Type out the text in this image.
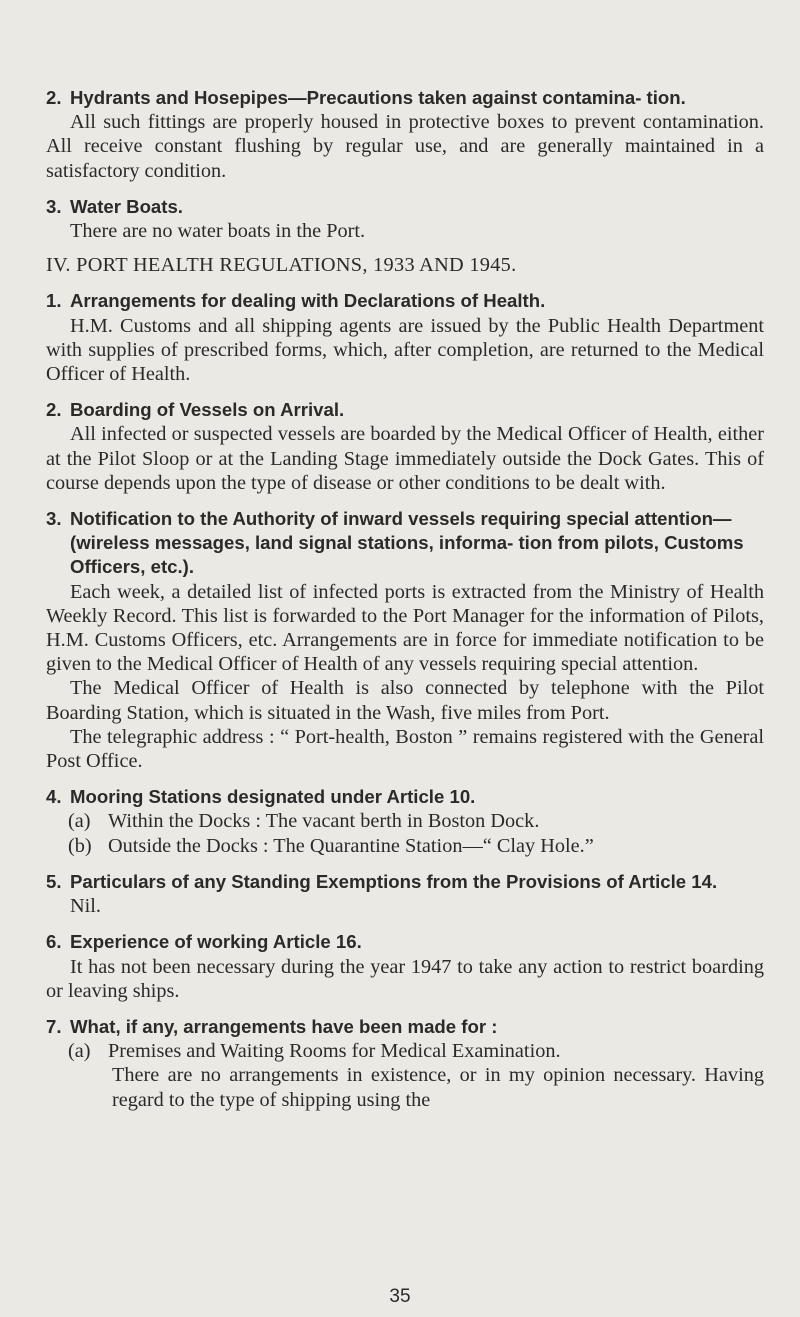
2. Hydrants and Hosepipes—Precautions taken against contamina- tion.
All such fittings are properly housed in protective boxes to prevent contamination. All receive constant flushing by regular use, and are generally maintained in a satisfactory condition.
3. Water Boats.
There are no water boats in the Port.
IV. PORT HEALTH REGULATIONS, 1933 AND 1945.
1. Arrangements for dealing with Declarations of Health.
H.M. Customs and all shipping agents are issued by the Public Health Department with supplies of prescribed forms, which, after completion, are returned to the Medical Officer of Health.
2. Boarding of Vessels on Arrival.
All infected or suspected vessels are boarded by the Medical Officer of Health, either at the Pilot Sloop or at the Landing Stage immediately outside the Dock Gates. This of course depends upon the type of disease or other conditions to be dealt with.
3. Notification to the Authority of inward vessels requiring special attention—(wireless messages, land signal stations, informa- tion from pilots, Customs Officers, etc.).
Each week, a detailed list of infected ports is extracted from the Ministry of Health Weekly Record. This list is forwarded to the Port Manager for the information of Pilots, H.M. Customs Officers, etc. Arrangements are in force for immediate notification to be given to the Medical Officer of Health of any vessels requiring special attention.
The Medical Officer of Health is also connected by telephone with the Pilot Boarding Station, which is situated in the Wash, five miles from Port.
The telegraphic address : “ Port-health, Boston ” remains registered with the General Post Office.
4. Mooring Stations designated under Article 10.
(a) Within the Docks : The vacant berth in Boston Dock.
(b) Outside the Docks : The Quarantine Station—“ Clay Hole.”
5. Particulars of any Standing Exemptions from the Provisions of Article 14.
Nil.
6. Experience of working Article 16.
It has not been necessary during the year 1947 to take any action to restrict boarding or leaving ships.
7. What, if any, arrangements have been made for :
(a) Premises and Waiting Rooms for Medical Examination.
There are no arrangements in existence, or in my opinion necessary. Having regard to the type of shipping using the
35
